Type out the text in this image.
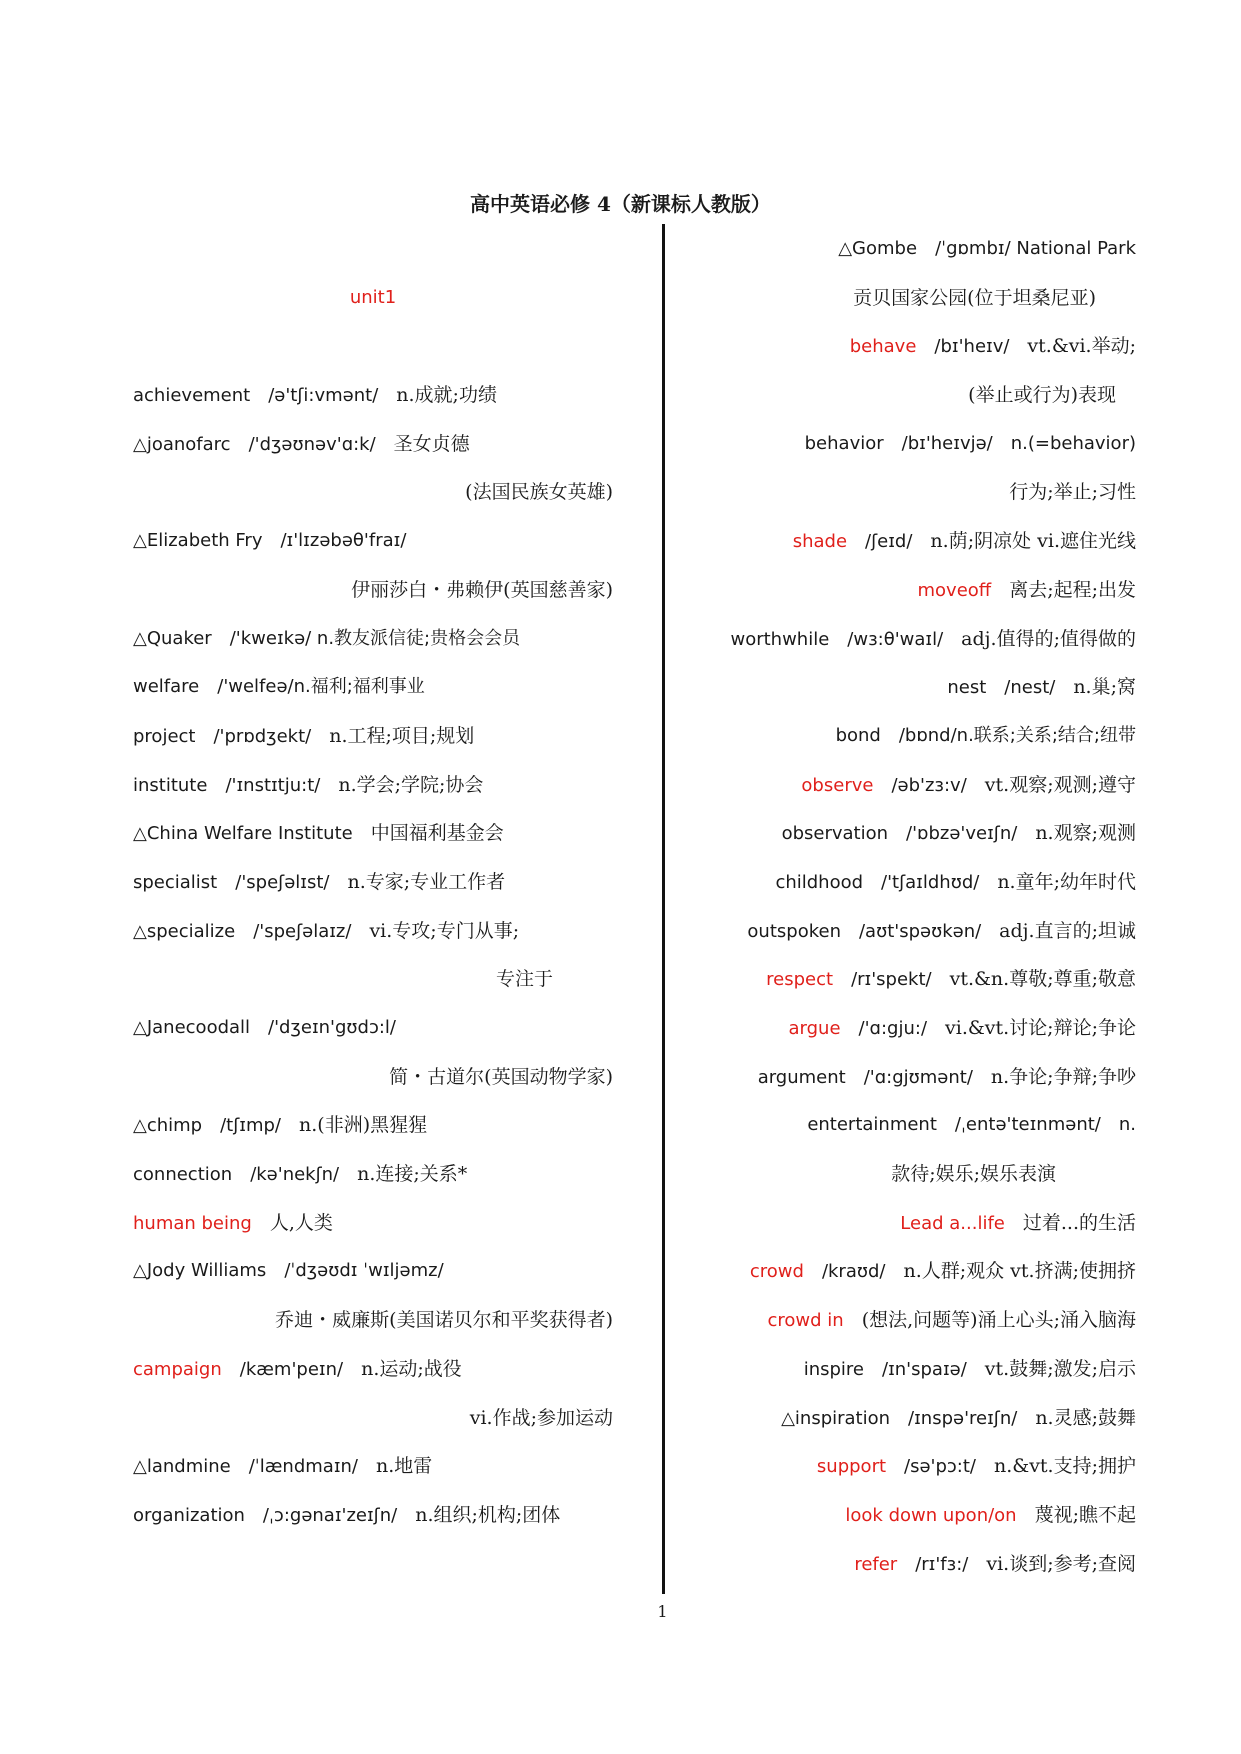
高中英语必修 4（新课标人教版）
unit1
achievement /ə'tʃi:vmənt/ n.成就;功绩
△joanofarc /'dʒəʊnəv'ɑ:k/ 圣女贞德
(法国民族女英雄)
△Elizabeth Fry /ɪ'lɪzəbəθ'fraɪ/
伊丽莎白・弗赖伊(英国慈善家)
△Quaker /'kweɪkə/ n.教友派信徒;贵格会会员
welfare /'welfeə/n.福利;福利事业
project /'prɒdʒekt/ n.工程;项目;规划
institute /'ɪnstɪtju:t/ n.学会;学院;协会
△China Welfare Institute 中国福利基金会
specialist /'speʃəlɪst/ n.专家;专业工作者
△specialize /'speʃəlaɪz/ vi.专攻;专门从事;
专注于
△Janecoodall /'dʒeɪn'gʊdɔ:l/
简・古道尔(英国动物学家)
△chimp /tʃɪmp/ n.(非洲)黑猩猩
connection /kə'nekʃn/ n.连接;关系*
human being 人,人类
△Jody Williams /ˈdʒəʊdɪ ˈwɪljəmz/
乔迪・威廉斯(美国诺贝尔和平奖获得者)
campaign /kæm'peɪn/ n.运动;战役
vi.作战;参加运动
△landmine /ˈlændmaɪn/ n.地雷
organization /ˌɔ:gənaɪ'zeɪʃn/ n.组织;机构;团体
△Gombe /ˈgɒmbɪ/ National Park
贡贝国家公园(位于坦桑尼亚)
behave /bɪ'heɪv/ vt.&vi.举动;
(举止或行为)表现
behavior /bɪ'heɪvjə/ n.(=behavior)
行为;举止;习性
shade /ʃeɪd/ n.荫;阴凉处 vi.遮住光线
moveoff 离去;起程;出发
worthwhile /wɜ:θ'waɪl/ adj.值得的;值得做的
nest /nest/ n.巢;窝
bond /bɒnd/n.联系;关系;结合;纽带
observe /əb'zɜ:v/ vt.观察;观测;遵守
observation /'ɒbzə'veɪʃn/ n.观察;观测
childhood /'tʃaɪldhʊd/ n.童年;幼年时代
outspoken /aʊt'spəʊkən/ adj.直言的;坦诚
respect /rɪ'spekt/ vt.&n.尊敬;尊重;敬意
argue /'ɑ:gju:/ vi.&vt.讨论;辩论;争论
argument /'ɑ:gjʊmənt/ n.争论;争辩;争吵
entertainment /ˌentə'teɪnmənt/ n.
款待;娱乐;娱乐表演
Lead a...life 过着...的生活
crowd /kraʊd/ n.人群;观众 vt.挤满;使拥挤
crowd in (想法,问题等)涌上心头;涌入脑海
inspire /ɪn'spaɪə/ vt.鼓舞;激发;启示
△inspiration /ɪnspə'reɪʃn/ n.灵感;鼓舞
support /sə'pɔ:t/ n.&vt.支持;拥护
look down upon/on 蔑视;瞧不起
refer /rɪ'fɜ:/ vi.谈到;参考;查阅
1
